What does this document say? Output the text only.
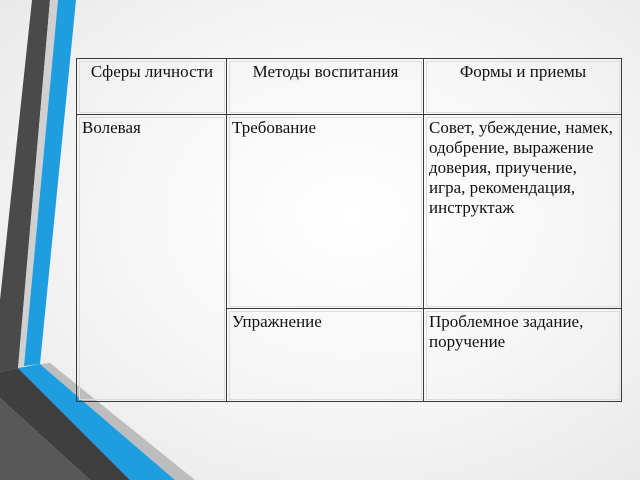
Сферы личности	Методы воспитания	Формы и приемы
Волевая	Требование	Совет, убеждение, намек, одобрение, выражение доверия, приучение, игра, рекомендация, инструктаж
	Упражнение	Проблемное задание, поручение
